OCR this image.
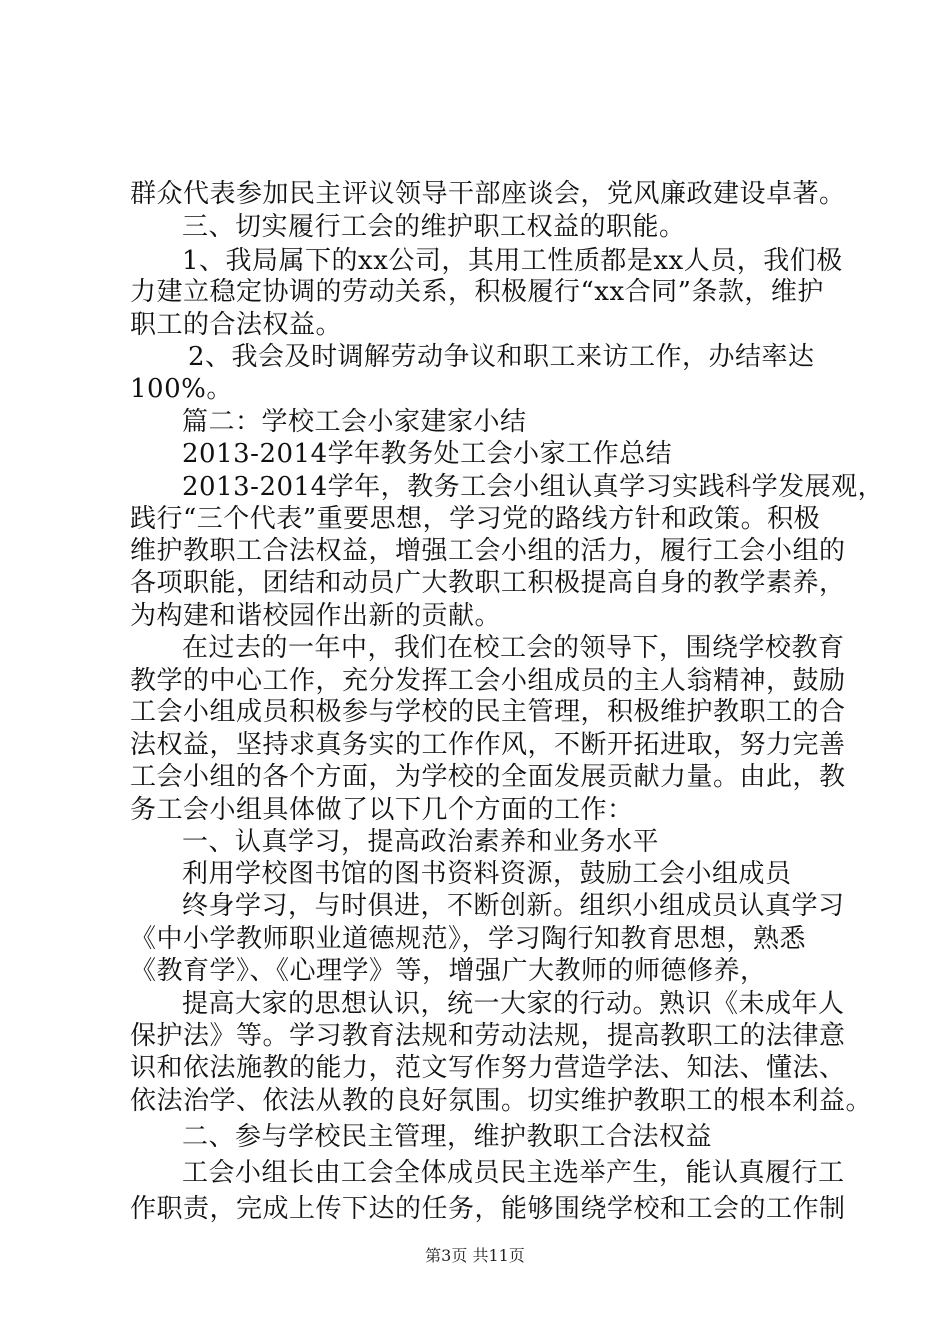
群众代表参加民主评议领导干部座谈会，党风廉政建设卓著。
三、切实履行工会的维护职工权益的职能。
1、我局属下的xx公司，其用工性质都是xx人员，我们极
力建立稳定协调的劳动关系，积极履行“xx合同”条款，维护
职工的合法权益。
2、我会及时调解劳动争议和职工来访工作，办结率达
100%。
篇二：学校工会小家建家小结
2013-2014学年教务处工会小家工作总结
2013-2014学年，教务工会小组认真学习实践科学发展观，
践行“三个代表”重要思想，学习党的路线方针和政策。积极
维护教职工合法权益，增强工会小组的活力，履行工会小组的
各项职能，团结和动员广大教职工积极提高自身的教学素养，
为构建和谐校园作出新的贡献。
在过去的一年中，我们在校工会的领导下，围绕学校教育
教学的中心工作，充分发挥工会小组成员的主人翁精神，鼓励
工会小组成员积极参与学校的民主管理，积极维护教职工的合
法权益，坚持求真务实的工作作风，不断开拓进取，努力完善
工会小组的各个方面，为学校的全面发展贡献力量。由此，教
务工会小组具体做了以下几个方面的工作：
一、认真学习，提高政治素养和业务水平
利用学校图书馆的图书资料资源，鼓励工会小组成员
终身学习，与时俱进，不断创新。组织小组成员认真学习
《中小学教师职业道德规范》，学习陶行知教育思想，熟悉
《教育学》、《心理学》等，增强广大教师的师德修养，
提高大家的思想认识，统一大家的行动。熟识《未成年人
保护法》等。学习教育法规和劳动法规，提高教职工的法律意
识和依法施教的能力，范文写作努力营造学法、知法、懂法、
依法治学、依法从教的良好氛围。切实维护教职工的根本利益。
二、参与学校民主管理，维护教职工合法权益
工会小组长由工会全体成员民主选举产生，能认真履行工
作职责，完成上传下达的任务，能够围绕学校和工会的工作制
第3页 共11页
